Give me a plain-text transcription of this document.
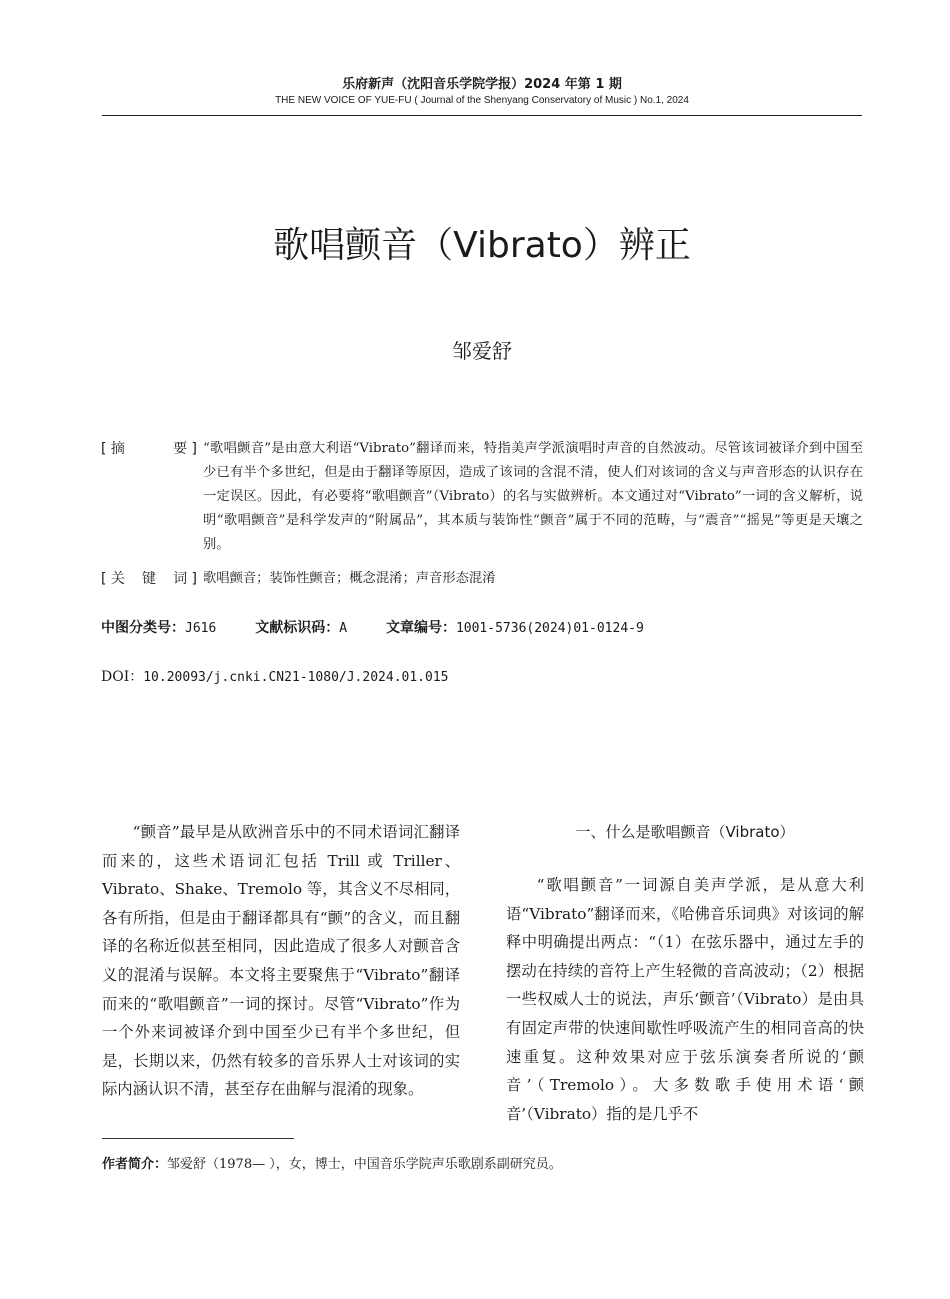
乐府新声（沈阳音乐学院学报）2024 年第 1 期
THE NEW VOICE OF YUE-FU ( Journal of the Shenyang Conservatory of Music ) No.1, 2024
歌唱颤音（Vibrato）辨正
邹爱舒
[ 摘	要 ] “歌唱颤音”是由意大利语“Vibrato”翻译而来，特指美声学派演唱时声音的自然波动。尽管该词被译介到中国至少已有半个多世纪，但是由于翻译等原因，造成了该词的含混不清，使人们对该词的含义与声音形态的认识存在一定误区。因此，有必要将“歌唱颤音”（Vibrato）的名与实做辨析。本文通过对“Vibrato”一词的含义解析，说明“歌唱颤音”是科学发声的“附属品”，其本质与装饰性“颤音”属于不同的范畴，与“震音”“摇晃”等更是天壤之别。
[ 关 键 词 ] 歌唱颤音；装饰性颤音；概念混淆；声音形态混淆
中图分类号：J616	文献标识码：A	文章编号：1001-5736(2024)01-0124-9
DOI：10.20093/j.cnki.CN21-1080/J.2024.01.015

“颤音”最早是从欧洲音乐中的不同术语词汇翻译而来的，这些术语词汇包括 Trill 或 Triller、Vibrato、Shake、Tremolo 等，其含义不尽相同，各有所指，但是由于翻译都具有“颤”的含义，而且翻译的名称近似甚至相同，因此造成了很多人对颤音含义的混淆与误解。本文将主要聚焦于“Vibrato”翻译而来的“歌唱颤音”一词的探讨。尽管“Vibrato”作为一个外来词被译介到中国至少已有半个多世纪，但是，长期以来，仍然有较多的音乐界人士对该词的实际内涵认识不清，甚至存在曲解与混淆的现象。

一、什么是歌唱颤音（Vibrato）

“歌唱颤音”一词源自美声学派，是从意大利语“Vibrato”翻译而来，《哈佛音乐词典》对该词的解释中明确提出两点：“（1）在弦乐器中，通过左手的摆动在持续的音符上产生轻微的音高波动；（2）根据一些权威人士的说法，声乐‘颤音’（Vibrato）是由具有固定声带的快速间歇性呼吸流产生的相同音高的快速重复。这种效果对应于弦乐演奏者所说的‘颤音’（Tremolo）。大多数歌手使用术语‘颤音’（Vibrato）指的是几乎不

作者简介：邹爱舒（1978— ），女，博士，中国音乐学院声乐歌剧系副研究员。
